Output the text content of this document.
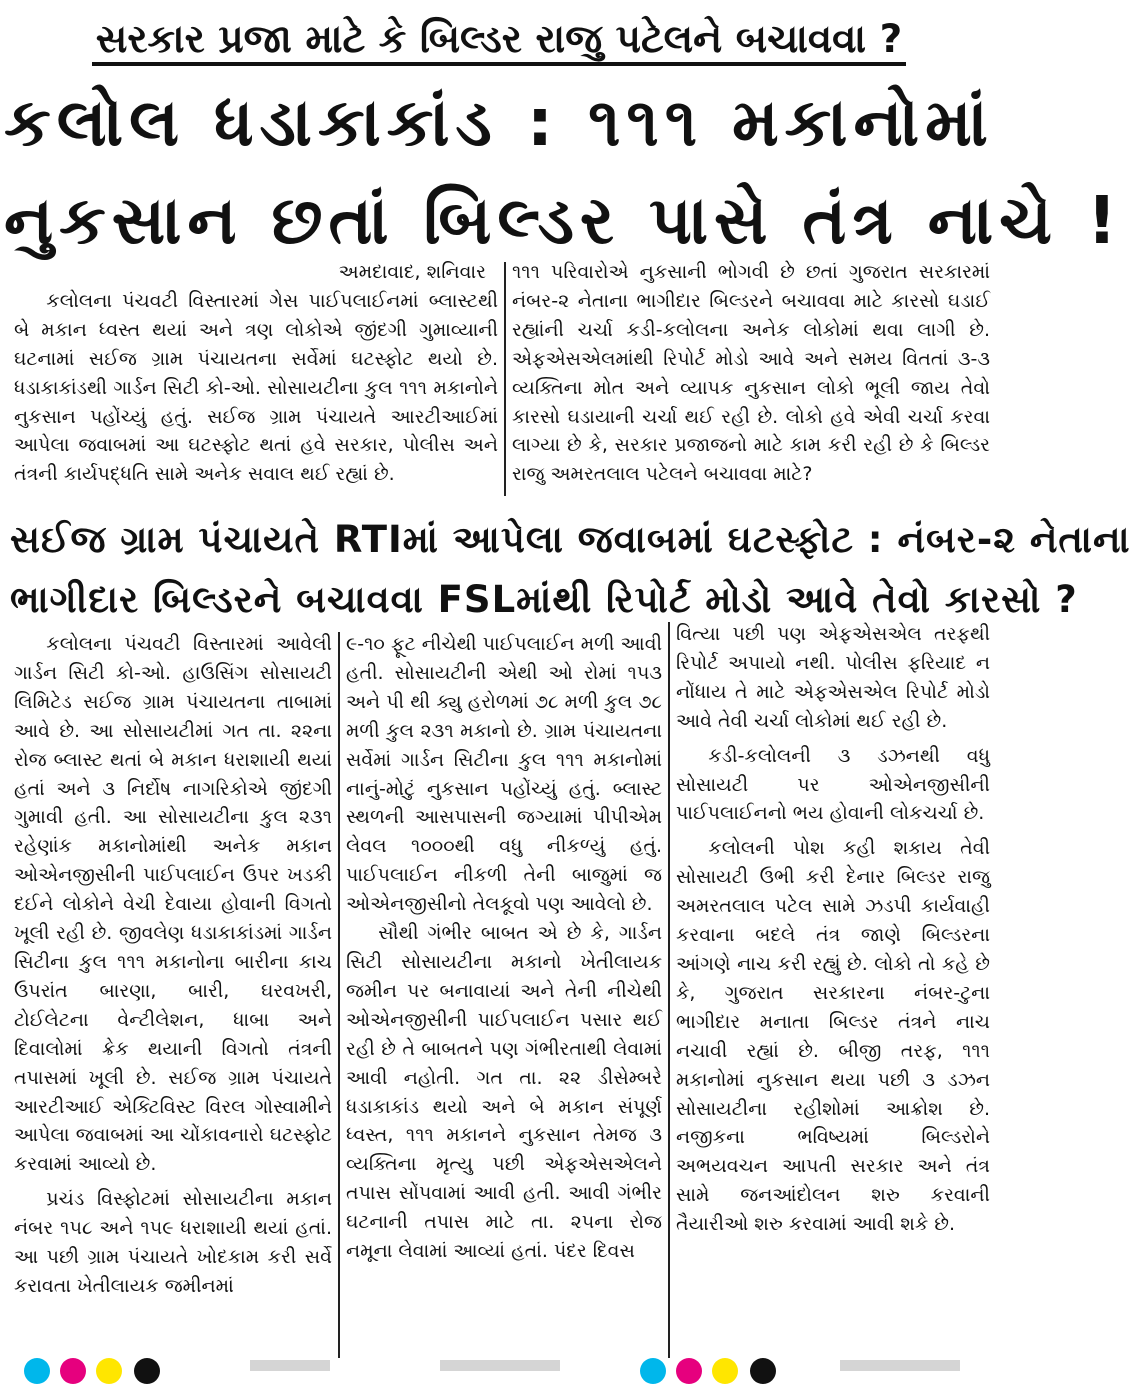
સરકાર પ્રજા માટે કે બિલ્ડર રાજુ પટેલને બચાવવા ?
કલોલ ધડાકાકાંડ : ૧૧૧ મકાનોમાં
નુકસાન છતાં બિલ્ડર પાસે તંત્ર નાચે !
અમદાવાદ, શનિવાર

કલોલના પંચવટી વિસ્તારમાં ગેસ પાઈપલાઈનમાં બ્લાસ્ટથી બે મકાન ધ્વસ્ત થયાં અને ત્રણ લોકોએ જીંદગી ગુમાવ્યાની ઘટનામાં સઈજ ગ્રામ પંચાયતના સર્વેમાં ઘટસ્ફોટ થયો છે. ધડાકાકાંડથી ગાર્ડન સિટી કો-ઓ. સોસાયટીના કુલ ૧૧૧ મકાનોને નુકસાન પહોંચ્યું હતું. સઈજ ગ્રામ પંચાયતે આરટીઆઈમાં આપેલા જવાબમાં આ ઘટસ્ફોટ થતાં હવે સરકાર, પોલીસ અને તંત્રની કાર્યપદ્ધતિ સામે અનેક સવાલ થઈ રહ્યાં છે.

૧૧૧ પરિવારોએ નુકસાની ભોગવી છે છતાં ગુજરાત સરકારમાં નંબર-૨ નેતાના ભાગીદાર બિલ્ડરને બચાવવા માટે કારસો ઘડાઈ રહ્યાંની ચર્ચા કડી-કલોલના અનેક લોકોમાં થવા લાગી છે. એફએસએલમાંથી રિપોર્ટ મોડો આવે અને સમય વિતતાં ૩-૩ વ્યક્તિના મોત અને વ્યાપક નુકસાન લોકો ભૂલી જાય તેવો કારસો ઘડાયાની ચર્ચા થઈ રહી છે. લોકો હવે એવી ચર્ચા કરવા લાગ્યા છે કે, સરકાર પ્રજાજનો માટે કામ કરી રહી છે કે બિલ્ડર રાજુ અમરતલાલ પટેલને બચાવવા માટે?

સઈજ ગ્રામ પંચાયતે RTIમાં આપેલા જવાબમાં ઘટસ્ફોટ : નંબર-૨ નેતાના
ભાગીદાર બિલ્ડરને બચાવવા FSLમાંથી રિપોર્ટ મોડો આવે તેવો કારસો ?

કલોલના પંચવટી વિસ્તારમાં આવેલી ગાર્ડન સિટી કો-ઓ. હાઉસિંગ સોસાયટી લિમિટેડ સઈજ ગ્રામ પંચાયતના તાબામાં આવે છે. આ સોસાયટીમાં ગત તા. ૨૨ના રોજ બ્લાસ્ટ થતાં બે મકાન ધરાશાયી થયાં હતાં અને ૩ નિર્દોષ નાગરિકોએ જીંદગી ગુમાવી હતી. આ સોસાયટીના કુલ ૨૩૧ રહેણાંક મકાનોમાંથી અનેક મકાન ઓએનજીસીની પાઈપલાઈન ઉપર ખડકી દઈને લોકોને વેચી દેવાયા હોવાની વિગતો ખૂલી રહી છે. જીવલેણ ધડાકાકાંડમાં ગાર્ડન સિટીના કુલ ૧૧૧ મકાનોના બારીના કાચ ઉપરાંત બારણા, બારી, ઘરવખરી, ટોઈલેટના વેન્ટીલેશન, ધાબા અને દિવાલોમાં ક્રેક થયાની વિગતો તંત્રની તપાસમાં ખૂલી છે. સઈજ ગ્રામ પંચાયતે આરટીઆઈ એક્ટિવિસ્ટ વિરલ ગોસ્વામીને આપેલા જવાબમાં આ ચોંકાવનારો ઘટસ્ફોટ કરવામાં આવ્યો છે.

પ્રચંડ વિસ્ફોટમાં સોસાયટીના મકાન નંબર ૧૫૮ અને ૧૫૯ ધરાશાયી થયાં હતાં. આ પછી ગ્રામ પંચાયતે ખોદકામ કરી સર્વે કરાવતા ખેતીલાયક જમીનમાં

૯-૧૦ ફૂટ નીચેથી પાઈપલાઈન મળી આવી હતી. સોસાયટીની એથી ઓ રોમાં ૧૫૩ અને પી થી ક્યુ હરોળમાં ૭૮ મળી કુલ ૭૮ મળી કુલ ૨૩૧ મકાનો છે. ગ્રામ પંચાયતના સર્વેમાં ગાર્ડન સિટીના કુલ ૧૧૧ મકાનોમાં નાનું-મોટું નુકસાન પહોંચ્યું હતું. બ્લાસ્ટ સ્થળની આસપાસની જગ્યામાં પીપીએમ લેવલ ૧૦૦૦થી વધુ નીકળ્યું હતું. પાઈપલાઈન નીકળી તેની બાજુમાં જ ઓએનજીસીનો તેલકૂવો પણ આવેલો છે.

સૌથી ગંભીર બાબત એ છે કે, ગાર્ડન સિટી સોસાયટીના મકાનો ખેતીલાયક જમીન પર બનાવાયાં અને તેની નીચેથી ઓએનજીસીની પાઈપલાઈન પસાર થઈ રહી છે તે બાબતને પણ ગંભીરતાથી લેવામાં આવી નહોતી. ગત તા. ૨૨ ડીસેમ્બરે ધડાકાકાંડ થયો અને બે મકાન સંપૂર્ણ ધ્વસ્ત, ૧૧૧ મકાનને નુકસાન તેમજ ૩ વ્યક્તિના મૃત્યુ પછી એફએસએલને તપાસ સોંપવામાં આવી હતી. આવી ગંભીર ઘટનાની તપાસ માટે તા. ૨૫ના રોજ નમૂના લેવામાં આવ્યાં હતાં. પંદર દિવસ

વિત્યા પછી પણ એફએસએલ તરફથી રિપોર્ટ અપાયો નથી. પોલીસ ફરિયાદ ન નોંધાય તે માટે એફએસએલ રિપોર્ટ મોડો આવે તેવી ચર્ચા લોકોમાં થઈ રહી છે.

કડી-કલોલની ૩ ડઝનથી વધુ સોસાયટી પર ઓએનજીસીની પાઈપલાઈનનો ભય હોવાની લોકચર્ચા છે.

કલોલની પોશ કહી શકાય તેવી સોસાયટી ઉભી કરી દેનાર બિલ્ડર રાજુ અમરતલાલ પટેલ સામે ઝડપી કાર્યવાહી કરવાના બદલે તંત્ર જાણે બિલ્ડરના આંગણે નાચ કરી રહ્યું છે. લોકો તો કહે છે કે, ગુજરાત સરકારના નંબર-ટુના ભાગીદાર મનાતા બિલ્ડર તંત્રને નાચ નચાવી રહ્યાં છે. બીજી તરફ, ૧૧૧ મકાનોમાં નુકસાન થયા પછી ૩ ડઝન સોસાયટીના રહીશોમાં આક્રોશ છે. નજીકના ભવિષ્યમાં બિલ્ડરોને અભયવચન આપતી સરકાર અને તંત્ર સામે જનઆંદોલન શરુ કરવાની તૈયારીઓ શરુ કરવામાં આવી શકે છે.
